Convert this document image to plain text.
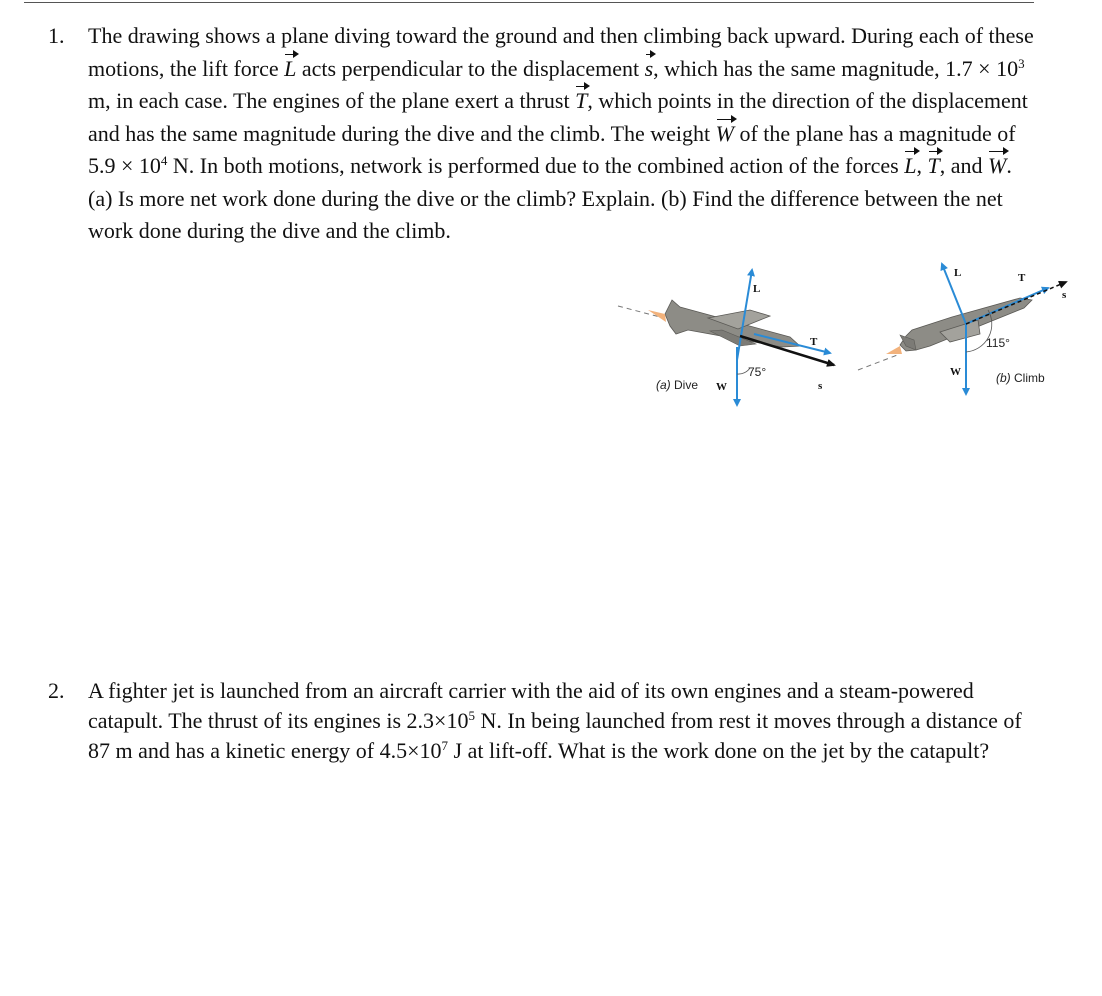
1.	The drawing shows a plane diving toward the ground and then climbing back upward. During each of these motions, the lift force L acts perpendicular to the displacement s, which has the same magnitude, $1.7 \times 10^3$ m, in each case. The engines of the plane exert a thrust T, which points in the direction of the displacement and has the same magnitude during the dive and the climb. The weight W of the plane has a magnitude of $5.9 \times 10^4$ N. In both motions, network is performed due to the combined action of the forces L, T, and W. (a) Is more net work done during the dive or the climb? Explain. (b) Find the difference between the net work done during the dive and the climb.
75°
L
T
s
W
(a) Dive
115°
L	T
s
W	(b) Climb
2.	A fighter jet is launched from an aircraft carrier with the aid of its own engines and a steam-powered catapult. The thrust of its engines is $2.3\times 10^5$ N. In being launched from rest it moves through a distance of 87 m and has a kinetic energy of $4.5\times 10^7$ J at lift-off. What is the work done on the jet by the catapult?
